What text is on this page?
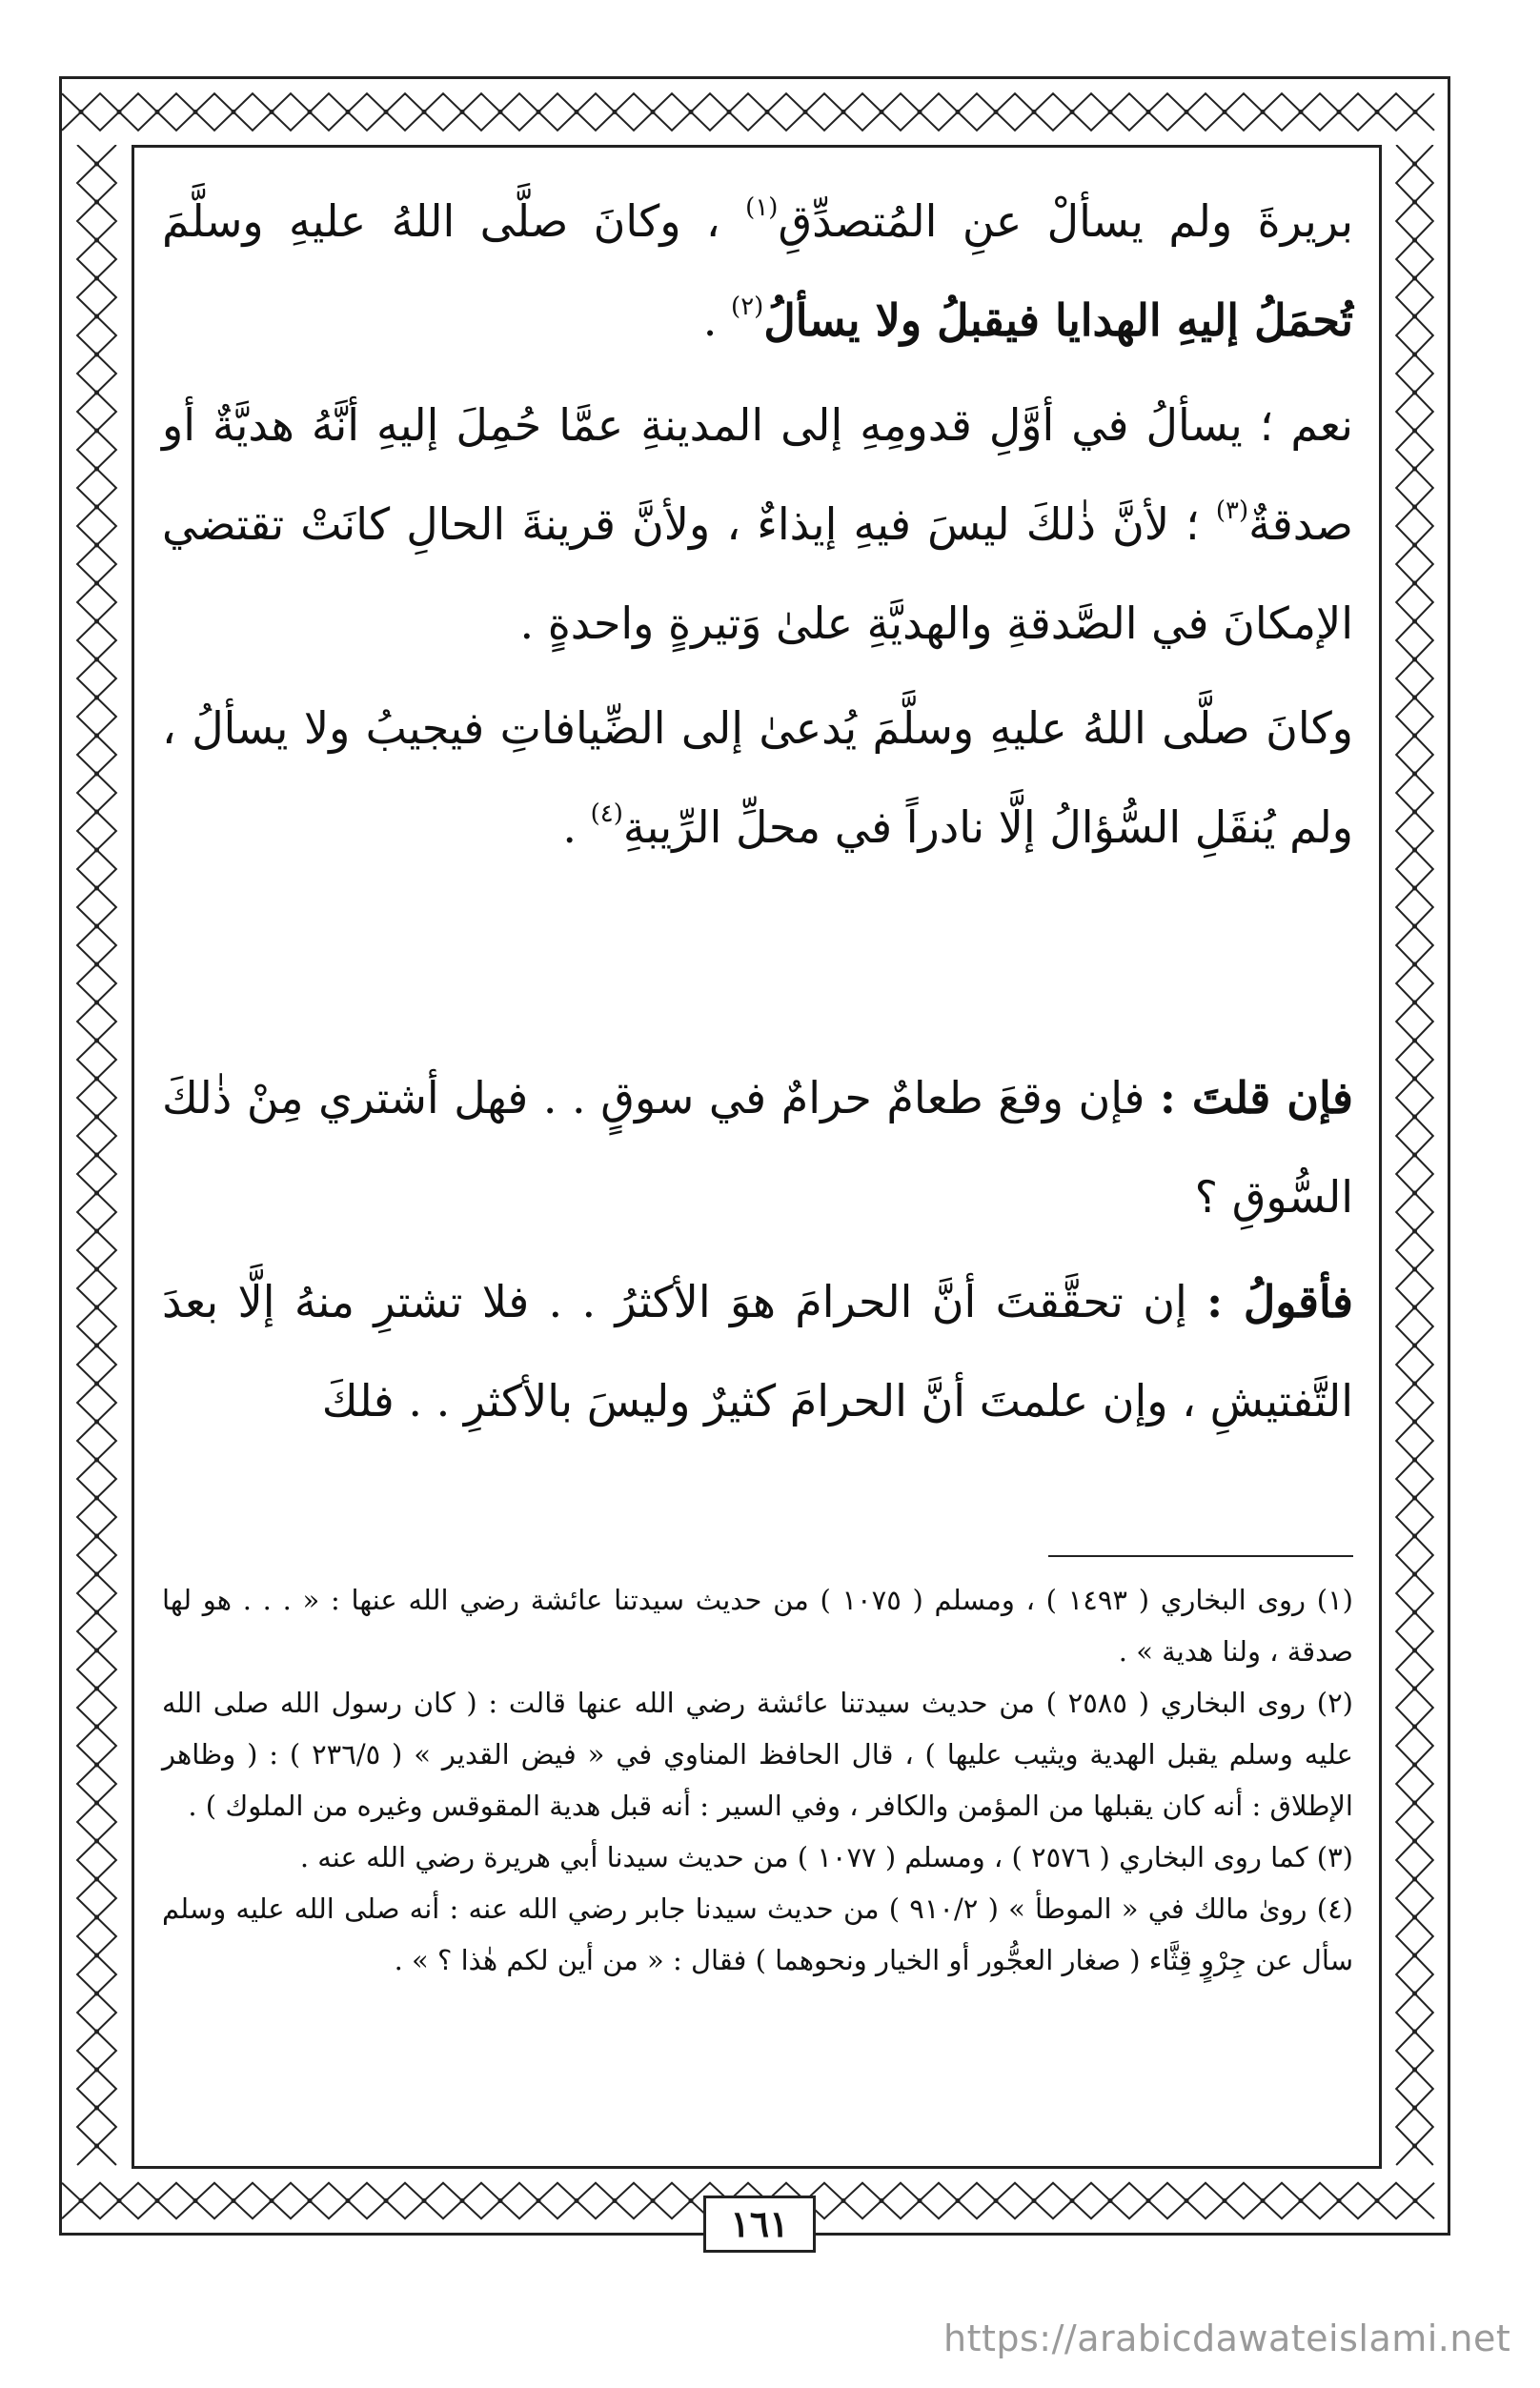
بريرةَ ولم يسألْ عنِ المُتصدِّقِ$^{(١)}$ ، وكانَ صلَّى اللهُ عليهِ وسلَّمَ تُحمَلُ إليهِ الهدايا فيقبلُ ولا يسألُ$^{(٢)}$ .

نعم ؛ يسألُ في أوَّلِ قدومِهِ إلى المدينةِ عمَّا حُمِلَ إليهِ أنَّهُ هديَّةٌ أو صدقةٌ$^{(٣)}$ ؛ لأنَّ ذٰلكَ ليسَ فيهِ إيذاءٌ ، ولأنَّ قرينةَ الحالِ كانَتْ تقتضي الإمكانَ في الصَّدقةِ والهديَّةِ علىٰ وَتيرةٍ واحدةٍ .

وكانَ صلَّى اللهُ عليهِ وسلَّمَ يُدعىٰ إلى الضِّيافاتِ فيجيبُ ولا يسألُ ، ولم يُنقَلِ السُّؤالُ إلَّا نادراً في محلِّ الرِّيبةِ$^{(٤)}$ .

فإن قلتَ : فإن وقعَ طعامٌ حرامٌ في سوقٍ . . فهل أشتري مِنْ ذٰلكَ السُّوقِ ؟

فأقولُ : إن تحقَّقتَ أنَّ الحرامَ هوَ الأكثرُ . . فلا تشترِ منهُ إلَّا بعدَ التَّفتيشِ ، وإن علمتَ أنَّ الحرامَ كثيرٌ وليسَ بالأكثرِ . . فلكَ

(١) روى البخاري ( ١٤٩٣ ) ، ومسلم ( ١٠٧٥ ) من حديث سيدتنا عائشة رضي الله عنها : « . . . هو لها صدقة ، ولنا هدية » .

(٢) روى البخاري ( ٢٥٨٥ ) من حديث سيدتنا عائشة رضي الله عنها قالت : ( كان رسول الله صلى الله عليه وسلم يقبل الهدية ويثيب عليها ) ، قال الحافظ المناوي في « فيض القدير » ( ٢٣٦/٥ ) : ( وظاهر الإطلاق : أنه كان يقبلها من المؤمن والكافر ، وفي السير : أنه قبل هدية المقوقس وغيره من الملوك ) .

(٣) كما روى البخاري ( ٢٥٧٦ ) ، ومسلم ( ١٠٧٧ ) من حديث سيدنا أبي هريرة رضي الله عنه .

(٤) روىٰ مالك في « الموطأ » ( ٩١٠/٢ ) من حديث سيدنا جابر رضي الله عنه : أنه صلى الله عليه وسلم سأل عن جِرْوٍ قِثَّاء ( صغار العجُّور أو الخيار ونحوهما ) فقال : « من أين لكم هٰذا ؟ » .

١٦١
https://arabicdawateislami.net
